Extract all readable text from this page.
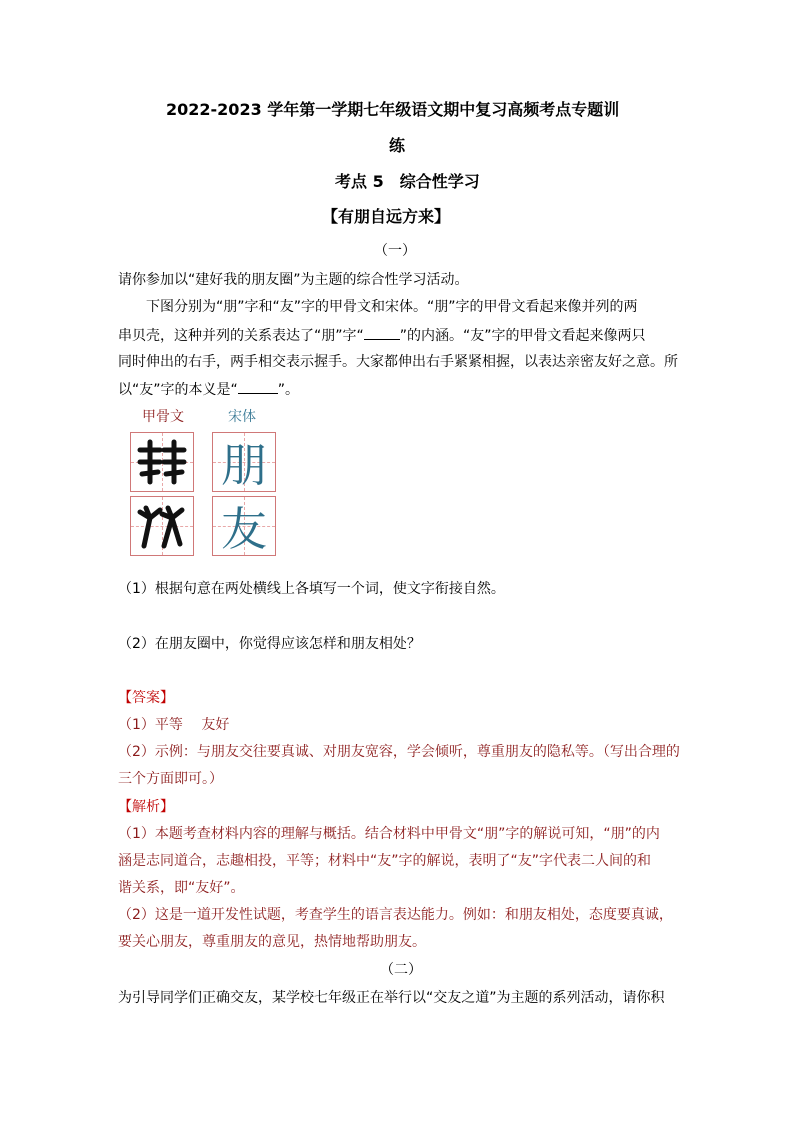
2022-2023 学年第一学期七年级语文期中复习高频考点专题训
练
考点 5　综合性学习
【有朋自远方来】
（一）
请你参加以“建好我的朋友圈”为主题的综合性学习活动。
下图分别为“朋”字和“友”字的甲骨文和宋体。“朋”字的甲骨文看起来像并列的两
串贝壳，这种并列的关系表达了“朋”字“	”的内涵。“友”字的甲骨文看起来像两只
同时伸出的右手，两手相交表示握手。大家都伸出右手紧紧相握，以表达亲密友好之意。所
以“友”字的本义是“	”。
甲骨文	宋体
朋
友
（1）根据句意在两处横线上各填写一个词，使文字衔接自然。
（2）在朋友圈中，你觉得应该怎样和朋友相处？
【答案】
（1）平等　 友好
（2）示例：与朋友交往要真诚、对朋友宽容，学会倾听，尊重朋友的隐私等。（写出合理的
三个方面即可。）
【解析】
（1）本题考查材料内容的理解与概括。结合材料中甲骨文“朋”字的解说可知，“朋”的内
涵是志同道合，志趣相投，平等；材料中“友”字的解说，表明了“友”字代表二人间的和
谐关系，即“友好”。
（2）这是一道开发性试题，考查学生的语言表达能力。例如：和朋友相处，态度要真诚，
要关心朋友，尊重朋友的意见，热情地帮助朋友。
（二）
为引导同学们正确交友，某学校七年级正在举行以“交友之道”为主题的系列活动，请你积
